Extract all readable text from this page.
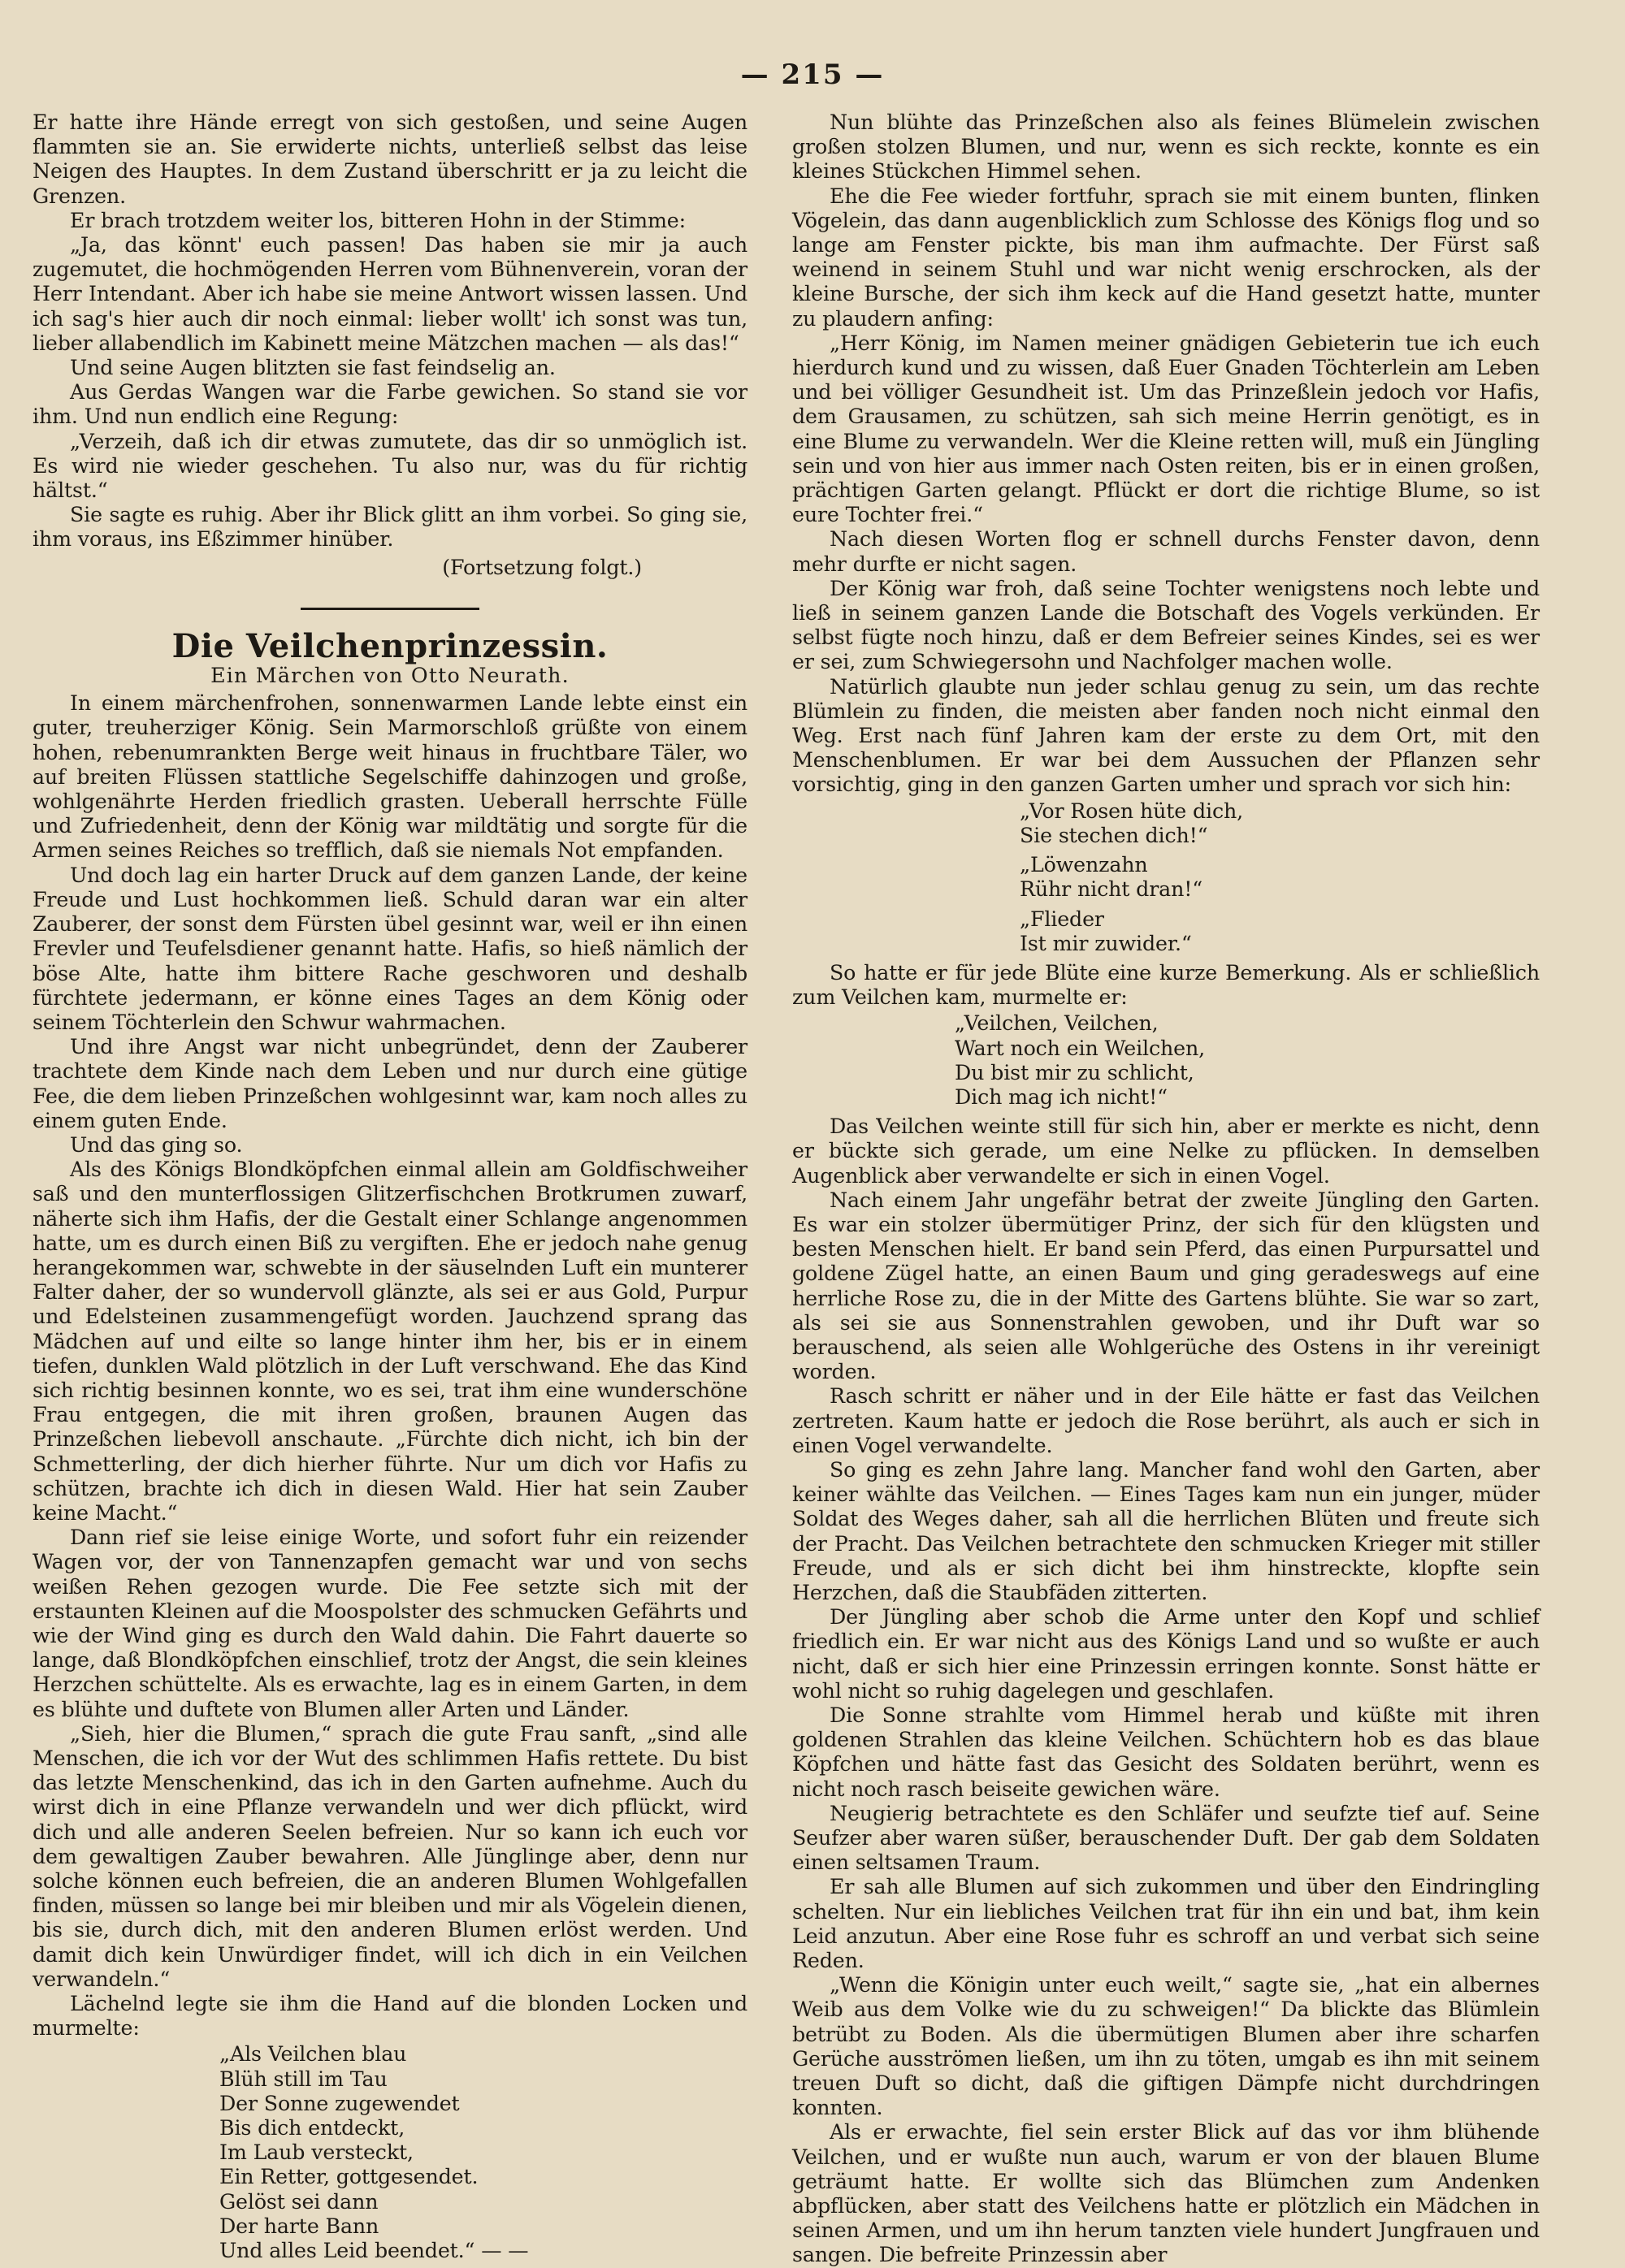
— 215 —

Er hatte ihre Hände erregt von sich gestoßen, und seine Augen flammten sie an. Sie erwiderte nichts, unterließ selbst das leise Neigen des Hauptes. In dem Zustand überschritt er ja zu leicht die Grenzen.

Er brach trotzdem weiter los, bitteren Hohn in der Stimme:

„Ja, das könnt' euch passen! Das haben sie mir ja auch zugemutet, die hochmögenden Herren vom Bühnenverein, voran der Herr Intendant. Aber ich habe sie meine Antwort wissen lassen. Und ich sag's hier auch dir noch einmal: lieber wollt' ich sonst was tun, lieber allabendlich im Kabinett meine Mätzchen machen — als das!“

Und seine Augen blitzten sie fast feindselig an.

Aus Gerdas Wangen war die Farbe gewichen. So stand sie vor ihm. Und nun endlich eine Regung:

„Verzeih, daß ich dir etwas zumutete, das dir so unmöglich ist. Es wird nie wieder geschehen. Tu also nur, was du für richtig hältst.“

Sie sagte es ruhig. Aber ihr Blick glitt an ihm vorbei. So ging sie, ihm voraus, ins Eßzimmer hinüber.

(Fortsetzung folgt.)

Die Veilchenprinzessin.
Ein Märchen von Otto Neurath.

In einem märchenfrohen, sonnenwarmen Lande lebte einst ein guter, treuherziger König. Sein Marmorschloß grüßte von einem hohen, rebenumrankten Berge weit hinaus in fruchtbare Täler, wo auf breiten Flüssen stattliche Segelschiffe dahinzogen und große, wohlgenährte Herden friedlich grasten. Ueberall herrschte Fülle und Zufriedenheit, denn der König war mildtätig und sorgte für die Armen seines Reiches so trefflich, daß sie niemals Not empfanden.

Und doch lag ein harter Druck auf dem ganzen Lande, der keine Freude und Lust hochkommen ließ. Schuld daran war ein alter Zauberer, der sonst dem Fürsten übel gesinnt war, weil er ihn einen Frevler und Teufelsdiener genannt hatte. Hafis, so hieß nämlich der böse Alte, hatte ihm bittere Rache geschworen und deshalb fürchtete jedermann, er könne eines Tages an dem König oder seinem Töchterlein den Schwur wahrmachen.

Und ihre Angst war nicht unbegründet, denn der Zauberer trachtete dem Kinde nach dem Leben und nur durch eine gütige Fee, die dem lieben Prinzeßchen wohlgesinnt war, kam noch alles zu einem guten Ende.

Und das ging so.

Als des Königs Blondköpfchen einmal allein am Goldfischweiher saß und den munterflossigen Glitzerfischchen Brotkrumen zuwarf, näherte sich ihm Hafis, der die Gestalt einer Schlange angenommen hatte, um es durch einen Biß zu vergiften. Ehe er jedoch nahe genug herangekommen war, schwebte in der säuselnden Luft ein munterer Falter daher, der so wundervoll glänzte, als sei er aus Gold, Purpur und Edelsteinen zusammengefügt worden. Jauchzend sprang das Mädchen auf und eilte so lange hinter ihm her, bis er in einem tiefen, dunklen Wald plötzlich in der Luft verschwand. Ehe das Kind sich richtig besinnen konnte, wo es sei, trat ihm eine wunderschöne Frau entgegen, die mit ihren großen, braunen Augen das Prinzeßchen liebevoll anschaute. „Fürchte dich nicht, ich bin der Schmetterling, der dich hierher führte. Nur um dich vor Hafis zu schützen, brachte ich dich in diesen Wald. Hier hat sein Zauber keine Macht.“

Dann rief sie leise einige Worte, und sofort fuhr ein reizender Wagen vor, der von Tannenzapfen gemacht war und von sechs weißen Rehen gezogen wurde. Die Fee setzte sich mit der erstaunten Kleinen auf die Moospolster des schmucken Gefährts und wie der Wind ging es durch den Wald dahin. Die Fahrt dauerte so lange, daß Blondköpfchen einschlief, trotz der Angst, die sein kleines Herzchen schüttelte. Als es erwachte, lag es in einem Garten, in dem es blühte und duftete von Blumen aller Arten und Länder.

„Sieh, hier die Blumen,“ sprach die gute Frau sanft, „sind alle Menschen, die ich vor der Wut des schlimmen Hafis rettete. Du bist das letzte Menschenkind, das ich in den Garten aufnehme. Auch du wirst dich in eine Pflanze verwandeln und wer dich pflückt, wird dich und alle anderen Seelen befreien. Nur so kann ich euch vor dem gewaltigen Zauber bewahren. Alle Jünglinge aber, denn nur solche können euch befreien, die an anderen Blumen Wohlgefallen finden, müssen so lange bei mir bleiben und mir als Vögelein dienen, bis sie, durch dich, mit den anderen Blumen erlöst werden. Und damit dich kein Unwürdiger findet, will ich dich in ein Veilchen verwandeln.“

Lächelnd legte sie ihm die Hand auf die blonden Locken und murmelte:

„Als Veilchen blau
Blüh still im Tau
Der Sonne zugewendet
Bis dich entdeckt,
Im Laub versteckt,
Ein Retter, gottgesendet.
Gelöst sei dann
Der harte Bann
Und alles Leid beendet.“ — —

Nun blühte das Prinzeßchen also als feines Blümelein zwischen großen stolzen Blumen, und nur, wenn es sich reckte, konnte es ein kleines Stückchen Himmel sehen.

Ehe die Fee wieder fortfuhr, sprach sie mit einem bunten, flinken Vögelein, das dann augenblicklich zum Schlosse des Königs flog und so lange am Fenster pickte, bis man ihm aufmachte. Der Fürst saß weinend in seinem Stuhl und war nicht wenig erschrocken, als der kleine Bursche, der sich ihm keck auf die Hand gesetzt hatte, munter zu plaudern anfing:

„Herr König, im Namen meiner gnädigen Gebieterin tue ich euch hierdurch kund und zu wissen, daß Euer Gnaden Töchterlein am Leben und bei völliger Gesundheit ist. Um das Prinzeßlein jedoch vor Hafis, dem Grausamen, zu schützen, sah sich meine Herrin genötigt, es in eine Blume zu verwandeln. Wer die Kleine retten will, muß ein Jüngling sein und von hier aus immer nach Osten reiten, bis er in einen großen, prächtigen Garten gelangt. Pflückt er dort die richtige Blume, so ist eure Tochter frei.“

Nach diesen Worten flog er schnell durchs Fenster davon, denn mehr durfte er nicht sagen.

Der König war froh, daß seine Tochter wenigstens noch lebte und ließ in seinem ganzen Lande die Botschaft des Vogels verkünden. Er selbst fügte noch hinzu, daß er dem Befreier seines Kindes, sei es wer er sei, zum Schwiegersohn und Nachfolger machen wolle.

Natürlich glaubte nun jeder schlau genug zu sein, um das rechte Blümlein zu finden, die meisten aber fanden noch nicht einmal den Weg. Erst nach fünf Jahren kam der erste zu dem Ort, mit den Menschenblumen. Er war bei dem Aussuchen der Pflanzen sehr vorsichtig, ging in den ganzen Garten umher und sprach vor sich hin:

„Vor Rosen hüte dich,
Sie stechen dich!“
„Löwenzahn
Rühr nicht dran!“
„Flieder
Ist mir zuwider.“

So hatte er für jede Blüte eine kurze Bemerkung. Als er schließlich zum Veilchen kam, murmelte er:

„Veilchen, Veilchen,
Wart noch ein Weilchen,
Du bist mir zu schlicht,
Dich mag ich nicht!“

Das Veilchen weinte still für sich hin, aber er merkte es nicht, denn er bückte sich gerade, um eine Nelke zu pflücken. In demselben Augenblick aber verwandelte er sich in einen Vogel.

Nach einem Jahr ungefähr betrat der zweite Jüngling den Garten. Es war ein stolzer übermütiger Prinz, der sich für den klügsten und besten Menschen hielt. Er band sein Pferd, das einen Purpursattel und goldene Zügel hatte, an einen Baum und ging geradeswegs auf eine herrliche Rose zu, die in der Mitte des Gartens blühte. Sie war so zart, als sei sie aus Sonnenstrahlen gewoben, und ihr Duft war so berauschend, als seien alle Wohlgerüche des Ostens in ihr vereinigt worden.

Rasch schritt er näher und in der Eile hätte er fast das Veilchen zertreten. Kaum hatte er jedoch die Rose berührt, als auch er sich in einen Vogel verwandelte.

So ging es zehn Jahre lang. Mancher fand wohl den Garten, aber keiner wählte das Veilchen. — Eines Tages kam nun ein junger, müder Soldat des Weges daher, sah all die herrlichen Blüten und freute sich der Pracht. Das Veilchen betrachtete den schmucken Krieger mit stiller Freude, und als er sich dicht bei ihm hinstreckte, klopfte sein Herzchen, daß die Staubfäden zitterten.

Der Jüngling aber schob die Arme unter den Kopf und schlief friedlich ein. Er war nicht aus des Königs Land und so wußte er auch nicht, daß er sich hier eine Prinzessin erringen konnte. Sonst hätte er wohl nicht so ruhig dagelegen und geschlafen.

Die Sonne strahlte vom Himmel herab und küßte mit ihren goldenen Strahlen das kleine Veilchen. Schüchtern hob es das blaue Köpfchen und hätte fast das Gesicht des Soldaten berührt, wenn es nicht noch rasch beiseite gewichen wäre.

Neugierig betrachtete es den Schläfer und seufzte tief auf. Seine Seufzer aber waren süßer, berauschender Duft. Der gab dem Soldaten einen seltsamen Traum.

Er sah alle Blumen auf sich zukommen und über den Eindringling schelten. Nur ein liebliches Veilchen trat für ihn ein und bat, ihm kein Leid anzutun. Aber eine Rose fuhr es schroff an und verbat sich seine Reden.

„Wenn die Königin unter euch weilt,“ sagte sie, „hat ein albernes Weib aus dem Volke wie du zu schweigen!“ Da blickte das Blümlein betrübt zu Boden. Als die übermütigen Blumen aber ihre scharfen Gerüche ausströmen ließen, um ihn zu töten, umgab es ihn mit seinem treuen Duft so dicht, daß die giftigen Dämpfe nicht durchdringen konnten.

Als er erwachte, fiel sein erster Blick auf das vor ihm blühende Veilchen, und er wußte nun auch, warum er von der blauen Blume geträumt hatte. Er wollte sich das Blümchen zum Andenken abpflücken, aber statt des Veilchens hatte er plötzlich ein Mädchen in seinen Armen, und um ihn herum tanzten viele hundert Jungfrauen und sangen. Die befreite Prinzessin aber
